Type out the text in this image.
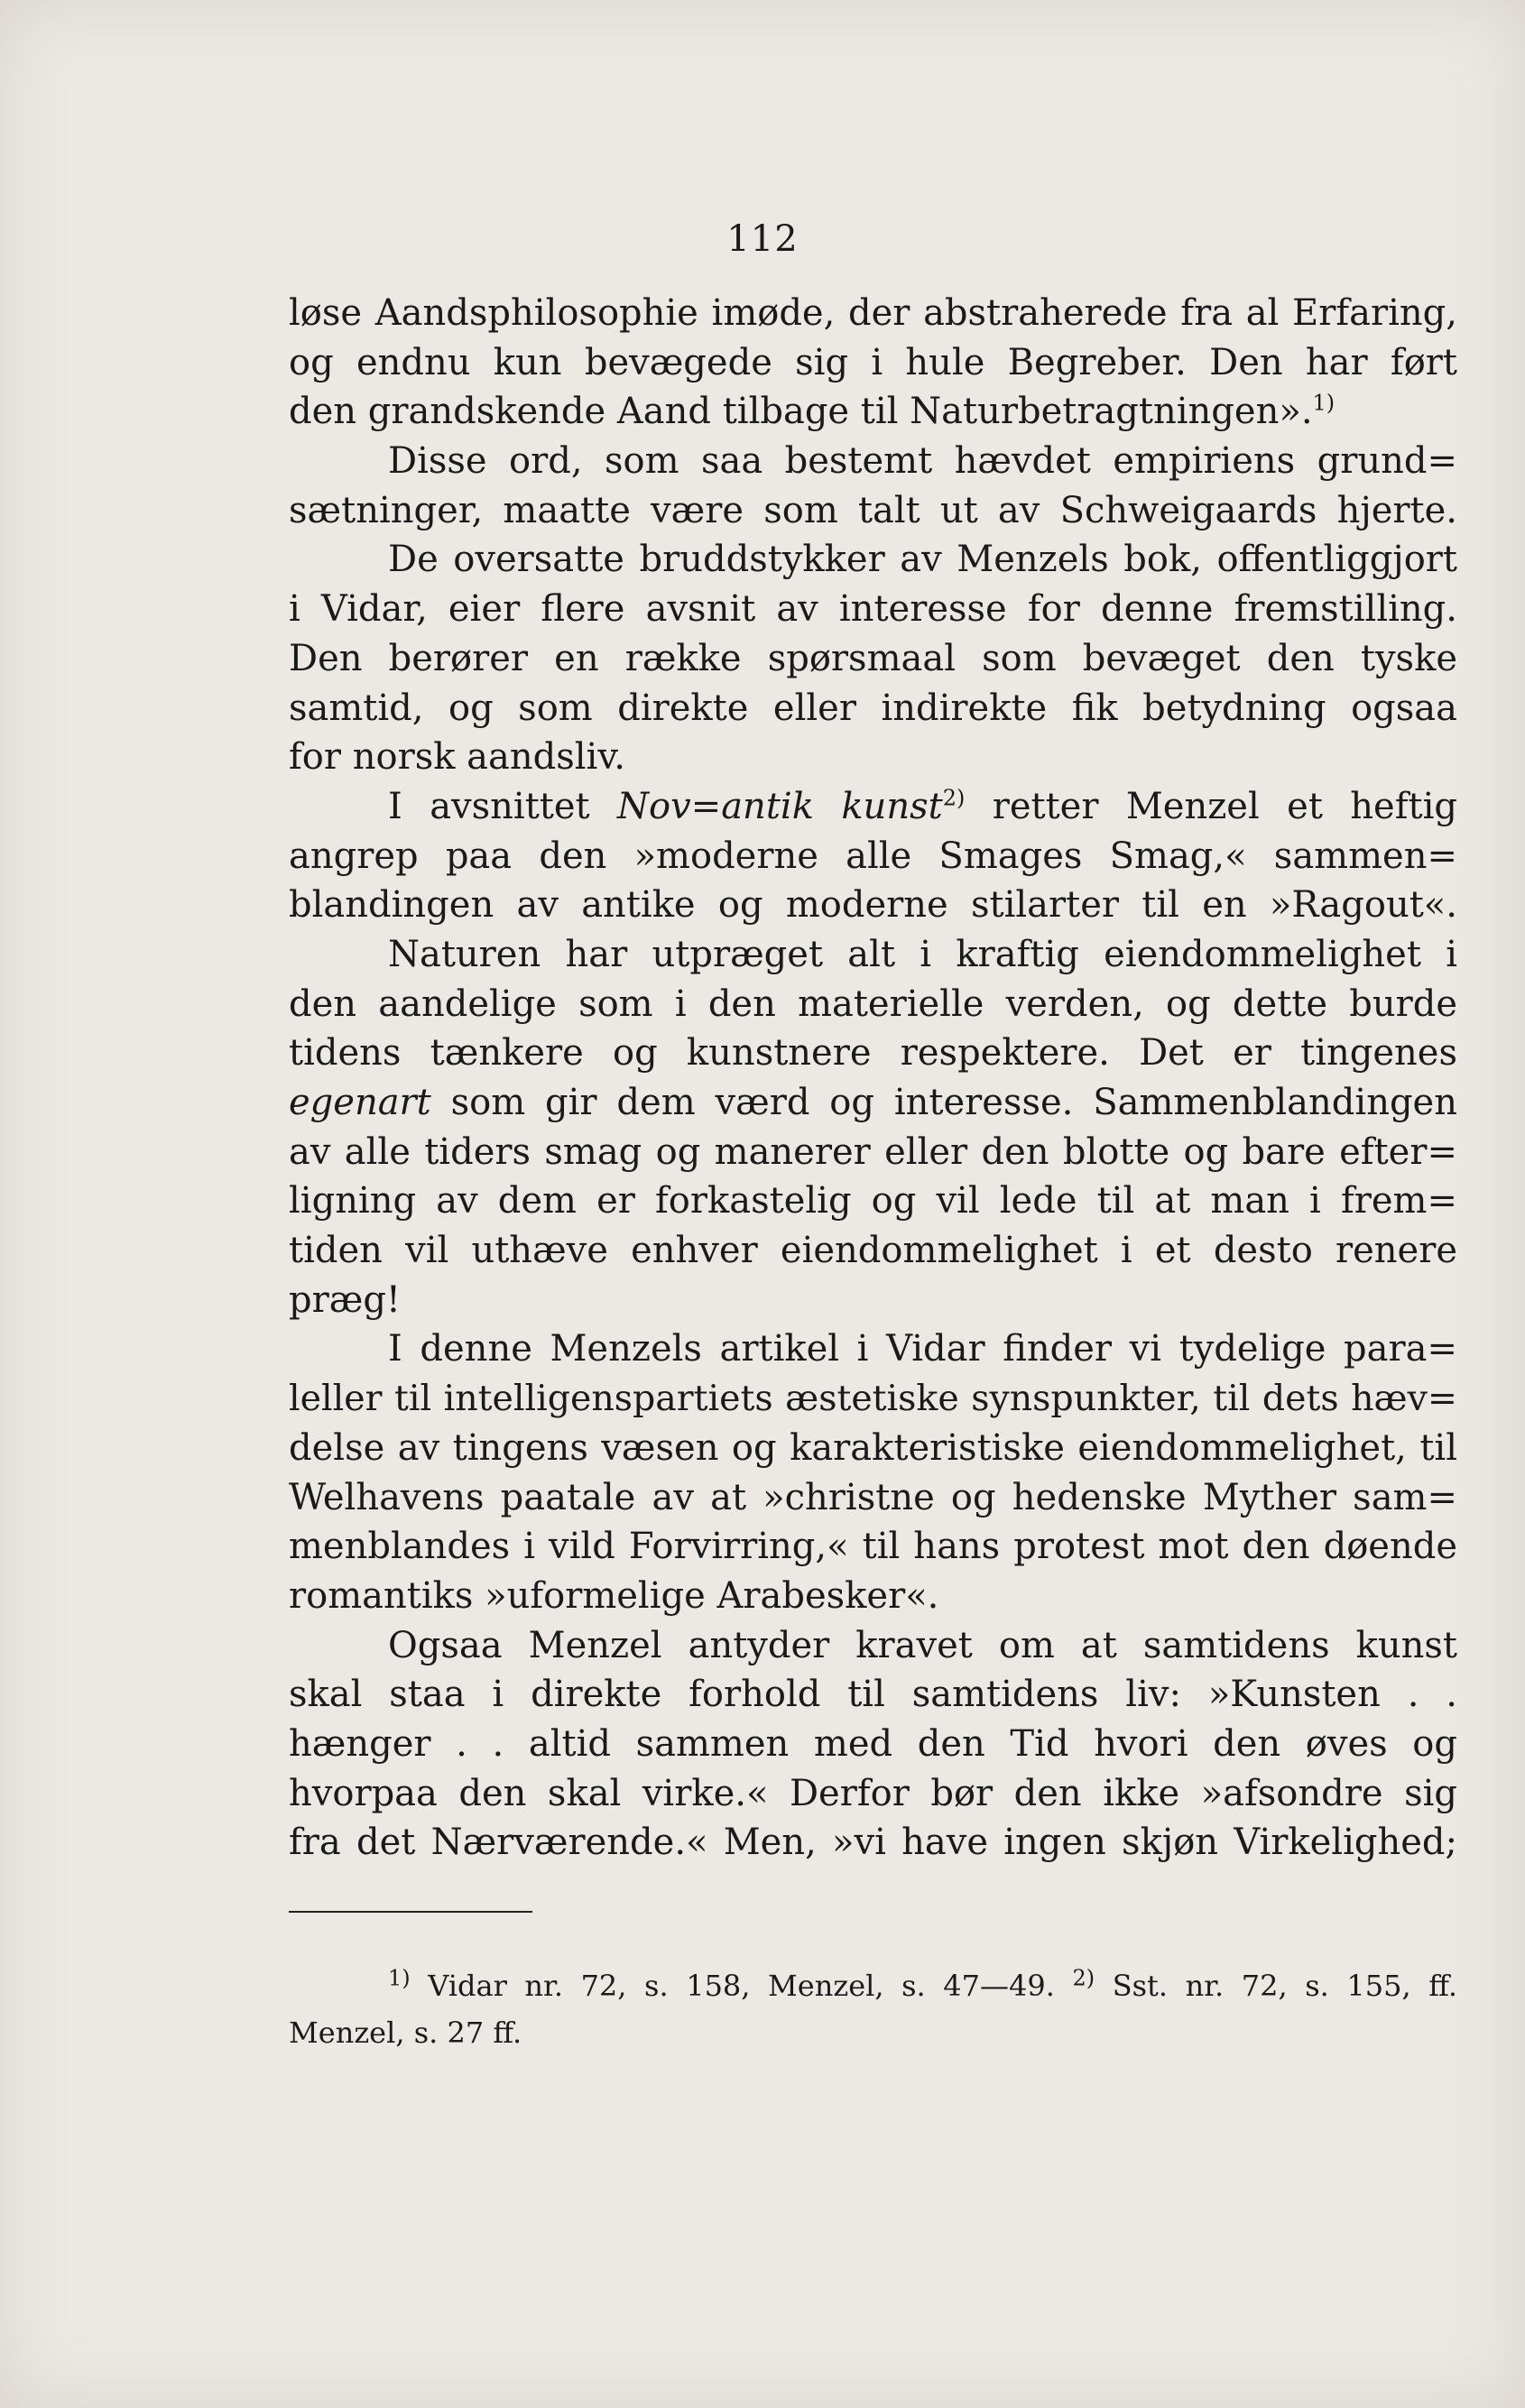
112
løse Aandsphilosophie imøde, der abstraherede fra al Erfaring,
og endnu kun bevægede sig i hule Begreber. Den har ført
den grandskende Aand tilbage til Naturbetragtningen».$^{1)}$
Disse ord, som saa bestemt hævdet empiriens grund=
sætninger, maatte være som talt ut av Schweigaards hjerte.
De oversatte bruddstykker av Menzels bok, offentliggjort
i Vidar, eier flere avsnit av interesse for denne fremstilling.
Den berører en række spørsmaal som bevæget den tyske
samtid, og som direkte eller indirekte fik betydning ogsaa
for norsk aandsliv.
I avsnittet Nov=antik kunst$^{2)}$ retter Menzel et heftig
angrep paa den »moderne alle Smages Smag,« sammen=
blandingen av antike og moderne stilarter til en »Ragout«.
Naturen har utpræget alt i kraftig eiendommelighet i
den aandelige som i den materielle verden, og dette burde
tidens tænkere og kunstnere respektere. Det er tingenes
egenart som gir dem værd og interesse. Sammenblandingen
av alle tiders smag og manerer eller den blotte og bare efter=
ligning av dem er forkastelig og vil lede til at man i frem=
tiden vil uthæve enhver eiendommelighet i et desto renere
præg!
I denne Menzels artikel i Vidar finder vi tydelige para=
leller til intelligenspartiets æstetiske synspunkter, til dets hæv=
delse av tingens væsen og karakteristiske eiendommelighet, til
Welhavens paatale av at »christne og hedenske Myther sam=
menblandes i vild Forvirring,« til hans protest mot den døende
romantiks »uformelige Arabesker«.
Ogsaa Menzel antyder kravet om at samtidens kunst
skal staa i direkte forhold til samtidens liv: »Kunsten . .
hænger . . altid sammen med den Tid hvori den øves og
hvorpaa den skal virke.« Derfor bør den ikke »afsondre sig
fra det Nærværende.« Men, »vi have ingen skjøn Virkelighed;
$^{1)}$ Vidar nr. 72, s. 158, Menzel, s. 47—49. $^{2)}$ Sst. nr. 72, s. 155, ff.
Menzel, s. 27 ff.
